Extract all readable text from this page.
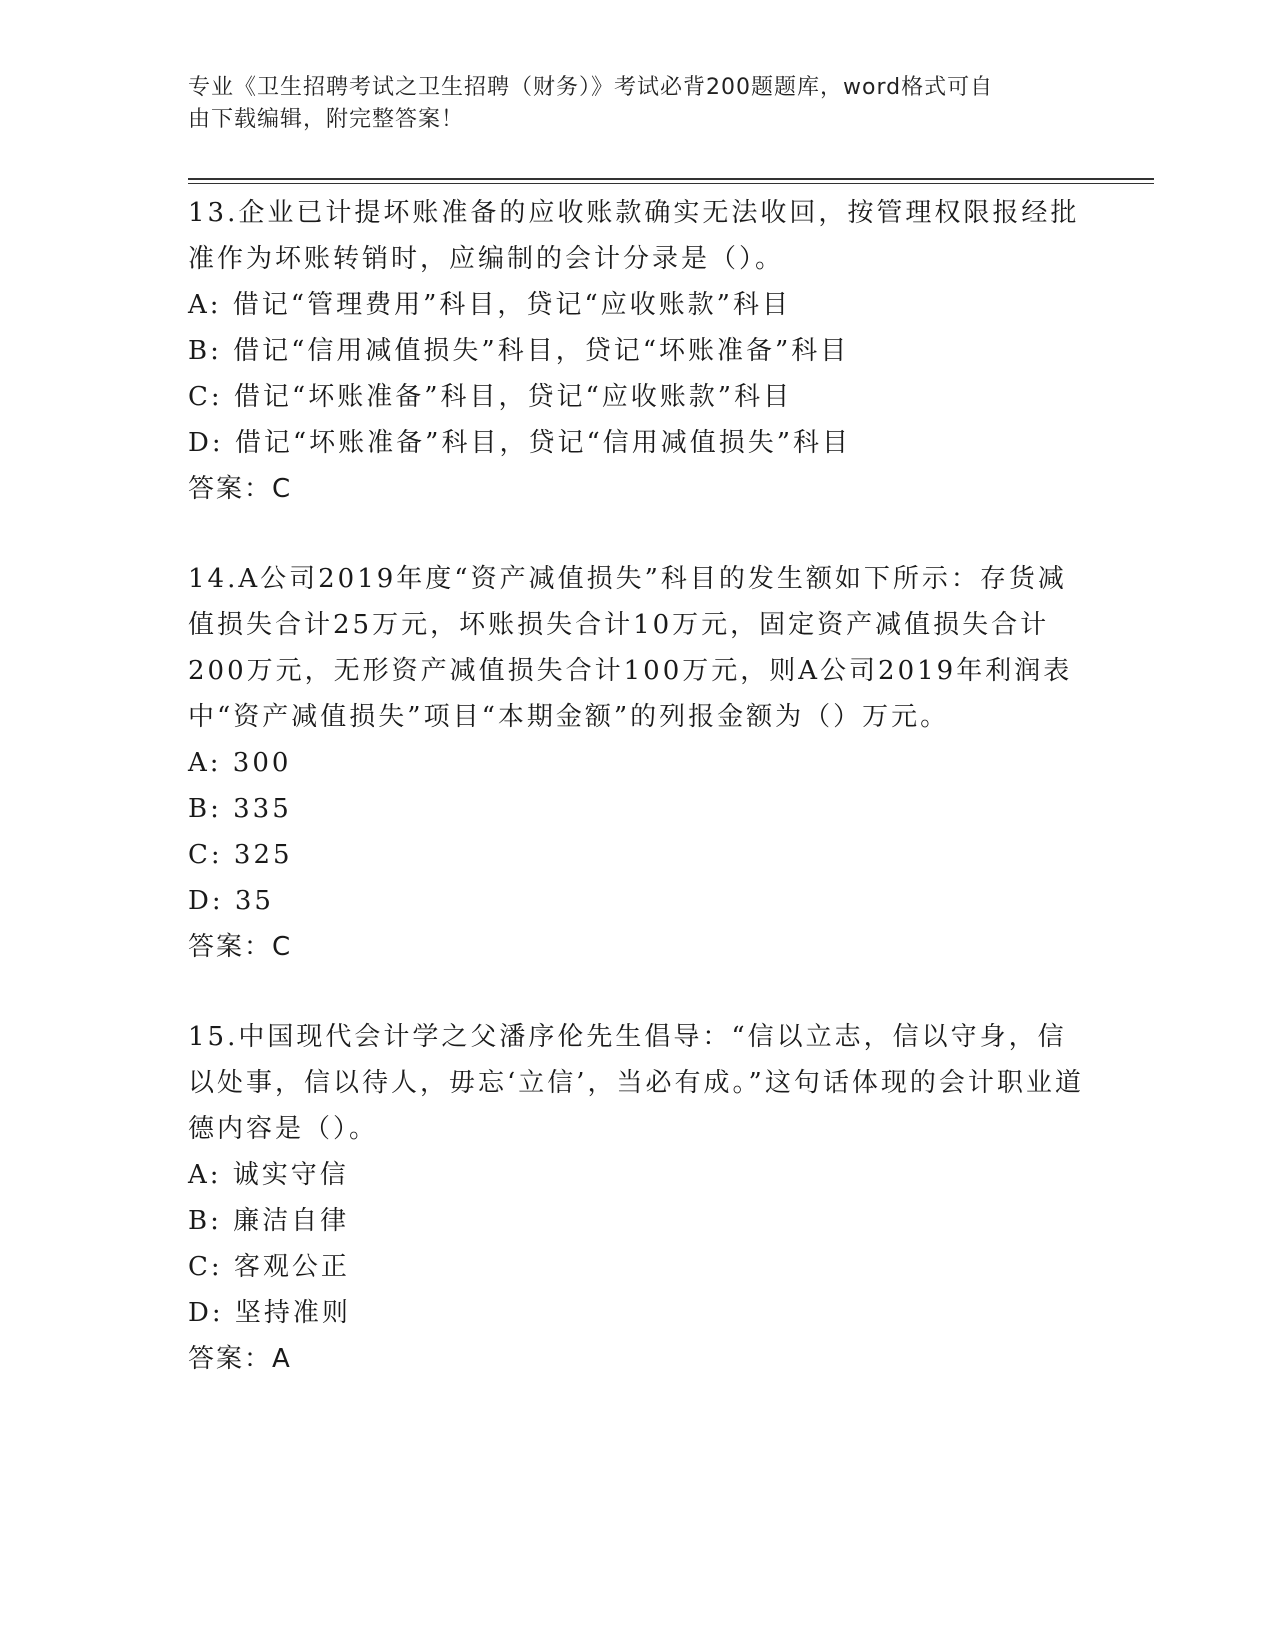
专业《卫生招聘考试之卫生招聘（财务）》考试必背200题题库，word格式可自
由下载编辑，附完整答案！

13.企业已计提坏账准备的应收账款确实无法收回，按管理权限报经批准作为坏账转销时，应编制的会计分录是（）。

A: 借记“管理费用”科目，贷记“应收账款”科目

B: 借记“信用减值损失”科目，贷记“坏账准备”科目

C: 借记“坏账准备”科目，贷记“应收账款”科目

D: 借记“坏账准备”科目，贷记“信用减值损失”科目

答案：C

14.A公司2019年度“资产减值损失”科目的发生额如下所示：存货减值损失合计25万元，坏账损失合计10万元，固定资产减值损失合计200万元，无形资产减值损失合计100万元，则A公司2019年利润表中“资产减值损失”项目“本期金额”的列报金额为（）万元。

A: 300

B: 335

C: 325

D: 35

答案：C

15.中国现代会计学之父潘序伦先生倡导：“信以立志，信以守身，信以处事，信以待人，毋忘‘立信’，当必有成。”这句话体现的会计职业道德内容是（）。

A: 诚实守信

B: 廉洁自律

C: 客观公正

D: 坚持准则

答案：A
